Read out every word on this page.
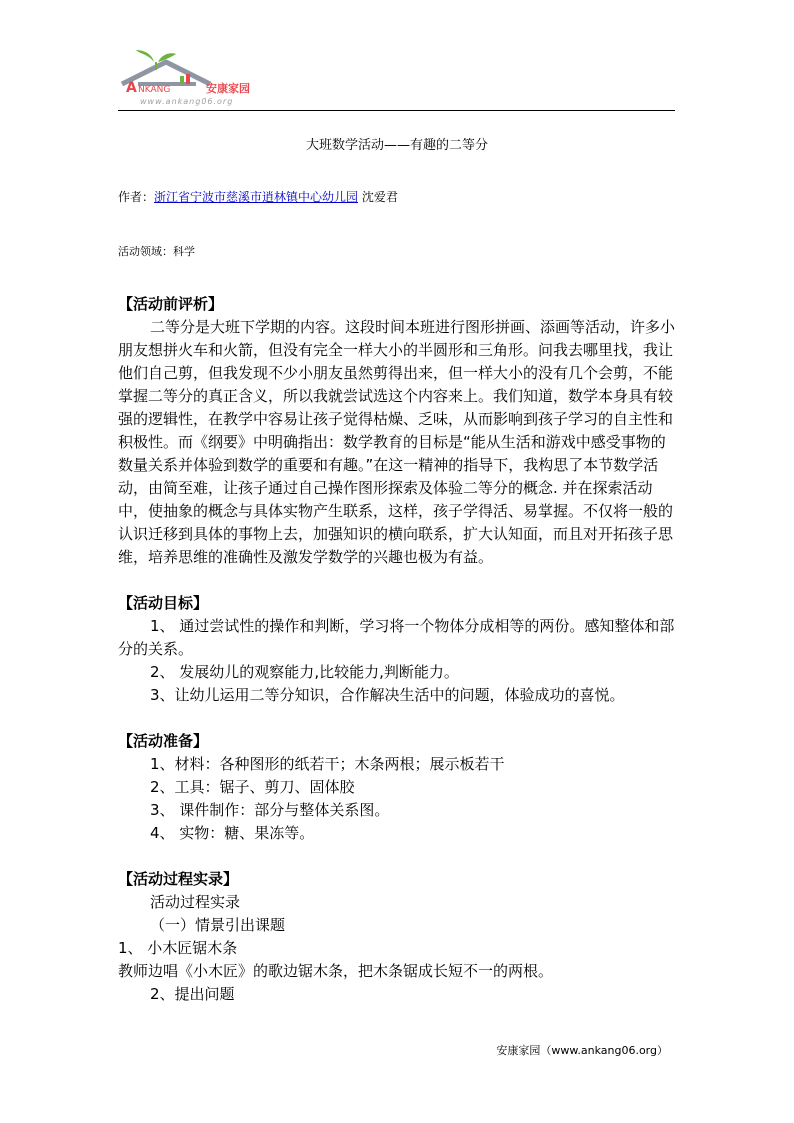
A NKANG	安康家园
www.ankang06.org
大班数学活动——有趣的二等分
作者：浙江省宁波市慈溪市逍林镇中心幼儿园 沈爱君
活动领域：科学
【活动前评析】

二等分是大班下学期的内容。这段时间本班进行图形拼画、添画等活动，许多小朋友想拼火车和火箭，但没有完全一样大小的半圆形和三角形。问我去哪里找，我让他们自己剪，但我发现不少小朋友虽然剪得出来，但一样大小的没有几个会剪，不能掌握二等分的真正含义，所以我就尝试选这个内容来上。我们知道，数学本身具有较强的逻辑性，在教学中容易让孩子觉得枯燥、乏味，从而影响到孩子学习的自主性和积极性。而《纲要》中明确指出：数学教育的目标是“能从生活和游戏中感受事物的数量关系并体验到数学的重要和有趣。”在这一精神的指导下，我构思了本节数学活动，由简至难，让孩子通过自己操作图形探索及体验二等分的概念. 并在探索活动中，使抽象的概念与具体实物产生联系，这样，孩子学得活、易掌握。不仅将一般的认识迁移到具体的事物上去，加强知识的横向联系，扩大认知面，而且对开拓孩子思维，培养思维的准确性及激发学数学的兴趣也极为有益。

【活动目标】

1、 通过尝试性的操作和判断，学习将一个物体分成相等的两份。感知整体和部分的关系。

2、 发展幼儿的观察能力,比较能力,判断能力。

3、让幼儿运用二等分知识，合作解决生活中的问题，体验成功的喜悦。

【活动准备】

1、材料：各种图形的纸若干；木条两根；展示板若干

2、工具：锯子、剪刀、固体胶

3、 课件制作：部分与整体关系图。

4、 实物：糖、果冻等。

【活动过程实录】

活动过程实录

（一）情景引出课题

1、 小木匠锯木条

教师边唱《小木匠》的歌边锯木条，把木条锯成长短不一的两根。

2、提出问题

安康家园（www.ankang06.org）
